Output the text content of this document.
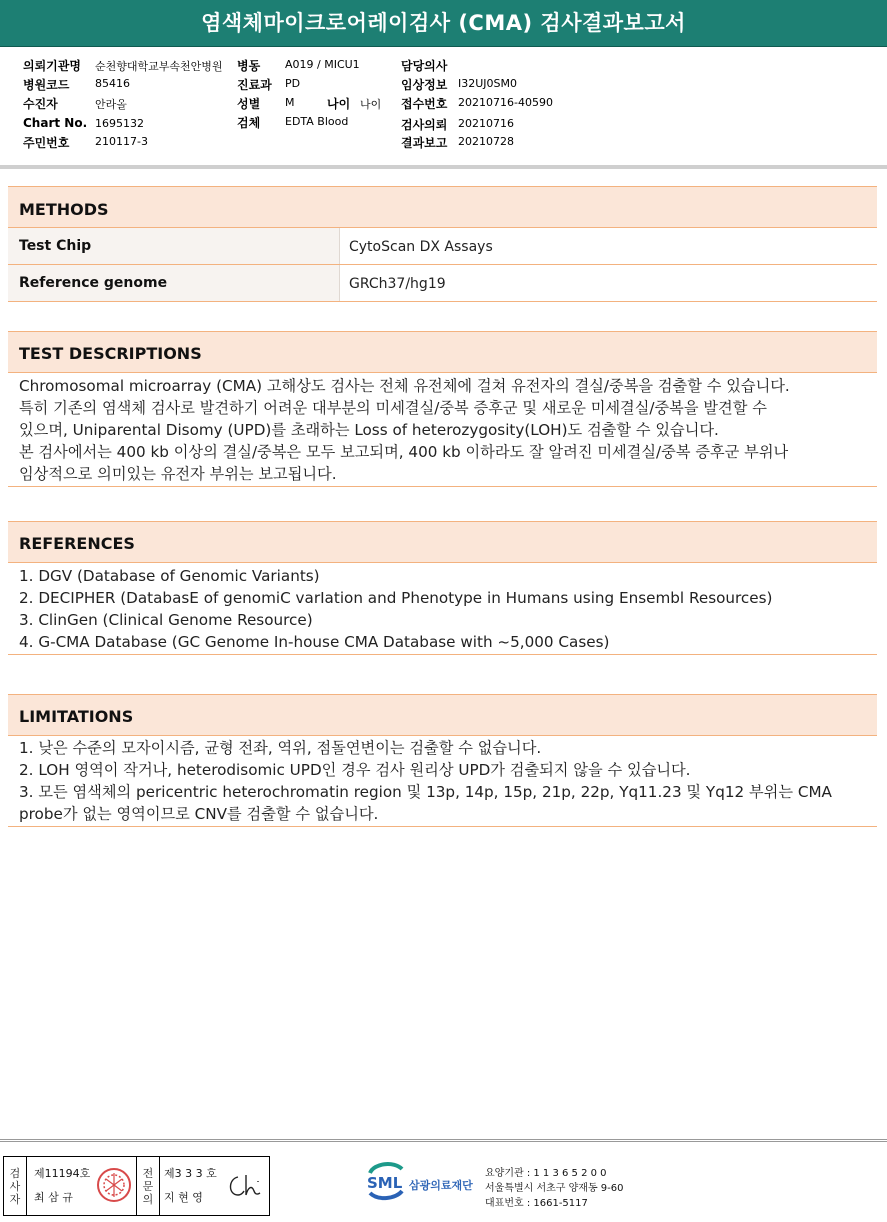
염색체마이크로어레이검사 (CMA) 검사결과보고서
의뢰기관명 순천향대학교부속천안병원
병원코드 85416
수진자	안라올
Chart No. 1695132
주민번호 210117-3
병동 A019 / MICU1
진료과 PD
성별 M	나이 나이
검체 EDTA Blood
담당의사
임상정보 I32UJ0SM0
접수번호 20210716-40590
검사의뢰 20210716
결과보고 20210728
METHODS
Test Chip	CytoScan DX Assays
Reference genome	GRCh37/hg19
TEST DESCRIPTIONS
Chromosomal microarray (CMA) 고해상도 검사는 전체 유전체에 걸쳐 유전자의 결실/중복을 검출할 수 있습니다.
특히 기존의 염색체 검사로 발견하기 어려운 대부분의 미세결실/중복 증후군 및 새로운 미세결실/중복을 발견할 수
있으며, Uniparental Disomy (UPD)를 초래하는 Loss of heterozygosity(LOH)도 검출할 수 있습니다.
본 검사에서는 400 kb 이상의 결실/중복은 모두 보고되며, 400 kb 이하라도 잘 알려진 미세결실/중복 증후군 부위나
임상적으로 의미있는 유전자 부위는 보고됩니다.
REFERENCES
1. DGV (Database of Genomic Variants)
2. DECIPHER (DatabasE of genomiC varIation and Phenotype in Humans using Ensembl Resources)
3. ClinGen (Clinical Genome Resource)
4. G-CMA Database (GC Genome In-house CMA Database with ~5,000 Cases)
LIMITATIONS
1. 낮은 수준의 모자이시즘, 균형 전좌, 역위, 점돌연변이는 검출할 수 없습니다.
2. LOH 영역이 작거나, heterodisomic UPD인 경우 검사 원리상 UPD가 검출되지 않을 수 있습니다.
3. 모든 염색체의 pericentric heterochromatin region 및 13p, 14p, 15p, 21p, 22p, Yq11.23 및 Yq12 부위는 CMA
probe가 없는 영역이므로 CNV를 검출할 수 없습니다.
검
사
자
제11194호
최 삼 규
전
문
의
제3 3 3 호
지 현 영
SML 삼광의료재단
요양기관 : 1 1 3 6 5 2 0 0
서울특별시 서초구 양재동 9-60
대표번호 : 1661-5117
